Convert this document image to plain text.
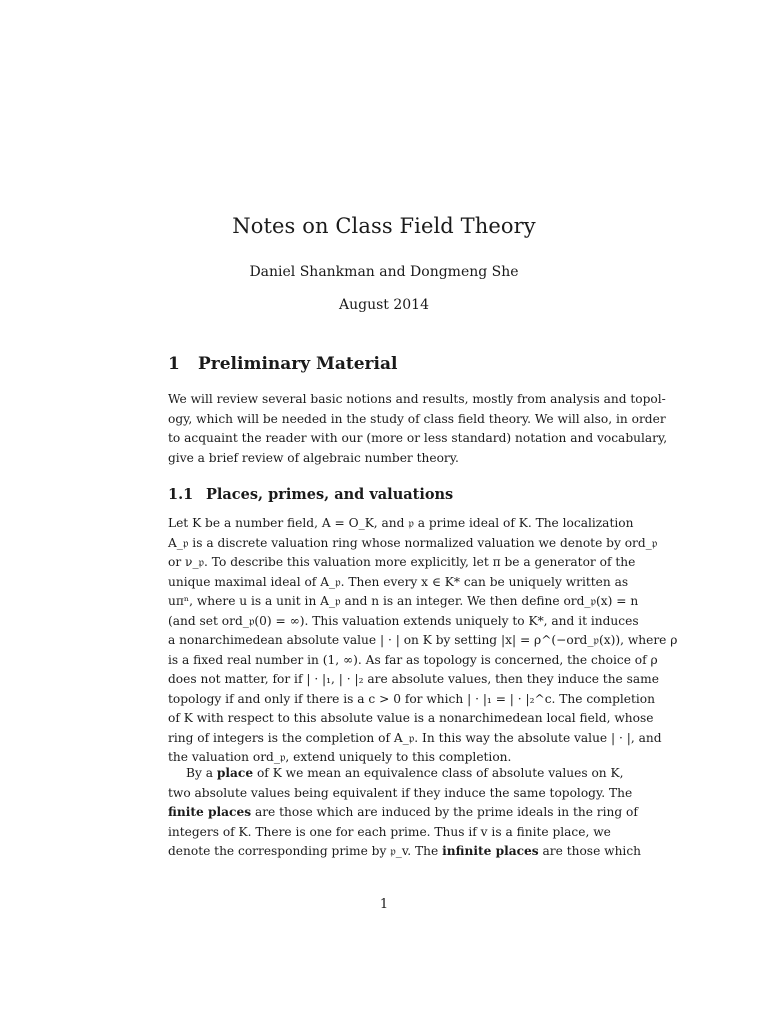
Notes on Class Field Theory
Daniel Shankman and Dongmeng She
August 2014
1 Preliminary Material

We will review several basic notions and results, mostly from analysis and topol-
ogy, which will be needed in the study of class field theory. We will also, in order
to acquaint the reader with our (more or less standard) notation and vocabulary,
give a brief review of algebraic number theory.

1.1 Places, primes, and valuations

Let K be a number field, A = O_K, and 𝔭 a prime ideal of K. The localization
A_𝔭 is a discrete valuation ring whose normalized valuation we denote by ord_𝔭
or ν_𝔭. To describe this valuation more explicitly, let π be a generator of the
unique maximal ideal of A_𝔭. Then every x ∈ K* can be uniquely written as
uπⁿ, where u is a unit in A_𝔭 and n is an integer. We then define ord_𝔭(x) = n
(and set ord_𝔭(0) = ∞). This valuation extends uniquely to K*, and it induces
a nonarchimedean absolute value | · | on K by setting |x| = ρ^(−ord_𝔭(x)), where ρ
is a fixed real number in (1, ∞). As far as topology is concerned, the choice of ρ
does not matter, for if | · |₁, | · |₂ are absolute values, then they induce the same
topology if and only if there is a c > 0 for which | · |₁ = | · |₂^c. The completion
of K with respect to this absolute value is a nonarchimedean local field, whose
ring of integers is the completion of A_𝔭. In this way the absolute value | · |, and
the valuation ord_𝔭, extend uniquely to this completion.

By a place of K we mean an equivalence class of absolute values on K,
two absolute values being equivalent if they induce the same topology. The
finite places are those which are induced by the prime ideals in the ring of
integers of K. There is one for each prime. Thus if v is a finite place, we
denote the corresponding prime by 𝔭_v. The infinite places are those which

1
